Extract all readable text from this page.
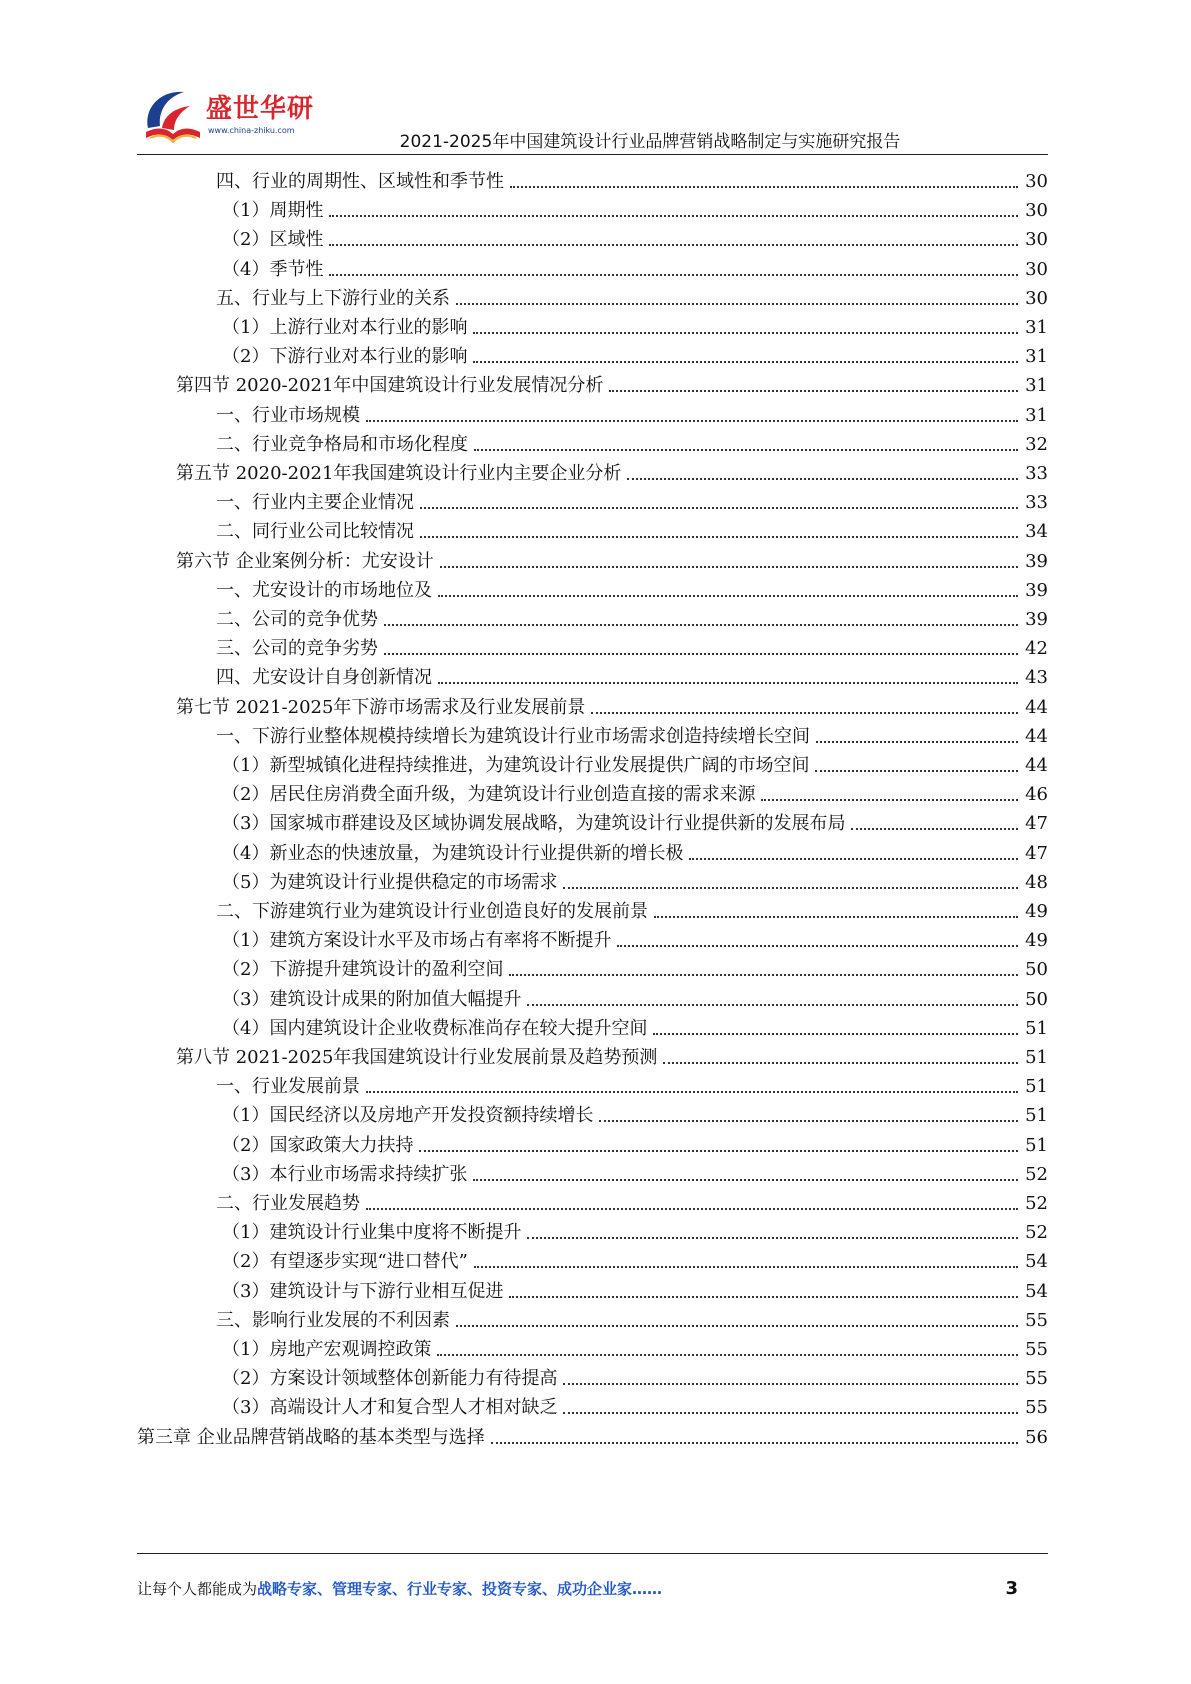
盛世华研
www.china-zhiku.com
2021-2025年中国建筑设计行业品牌营销战略制定与实施研究报告
四、行业的周期性、区域性和季节性	30
（1）周期性	30
（2）区域性	30
（4）季节性	30
五、行业与上下游行业的关系	30
（1）上游行业对本行业的影响	31
（2）下游行业对本行业的影响	31
第四节 2020-2021年中国建筑设计行业发展情况分析	31
一、行业市场规模	31
二、行业竞争格局和市场化程度	32
第五节 2020-2021年我国建筑设计行业内主要企业分析	33
一、行业内主要企业情况	33
二、同行业公司比较情况	34
第六节 企业案例分析：尤安设计	39
一、尤安设计的市场地位及	39
二、公司的竞争优势	39
三、公司的竞争劣势	42
四、尤安设计自身创新情况	43
第七节 2021-2025年下游市场需求及行业发展前景	44
一、下游行业整体规模持续增长为建筑设计行业市场需求创造持续增长空间	44
（1）新型城镇化进程持续推进，为建筑设计行业发展提供广阔的市场空间	44
（2）居民住房消费全面升级，为建筑设计行业创造直接的需求来源	46
（3）国家城市群建设及区域协调发展战略，为建筑设计行业提供新的发展布局	47
（4）新业态的快速放量，为建筑设计行业提供新的增长极	47
（5）为建筑设计行业提供稳定的市场需求	48
二、下游建筑行业为建筑设计行业创造良好的发展前景	49
（1）建筑方案设计水平及市场占有率将不断提升	49
（2）下游提升建筑设计的盈利空间	50
（3）建筑设计成果的附加值大幅提升	50
（4）国内建筑设计企业收费标准尚存在较大提升空间	51
第八节 2021-2025年我国建筑设计行业发展前景及趋势预测	51
一、行业发展前景	51
（1）国民经济以及房地产开发投资额持续增长	51
（2）国家政策大力扶持	51
（3）本行业市场需求持续扩张	52
二、行业发展趋势	52
（1）建筑设计行业集中度将不断提升	52
（2）有望逐步实现“进口替代”	54
（3）建筑设计与下游行业相互促进	54
三、影响行业发展的不利因素	55
（1）房地产宏观调控政策	55
（2）方案设计领域整体创新能力有待提高	55
（3）高端设计人才和复合型人才相对缺乏	55
第三章 企业品牌营销战略的基本类型与选择	56
让每个人都能成为战略专家、管理专家、行业专家、投资专家、成功企业家……	3
